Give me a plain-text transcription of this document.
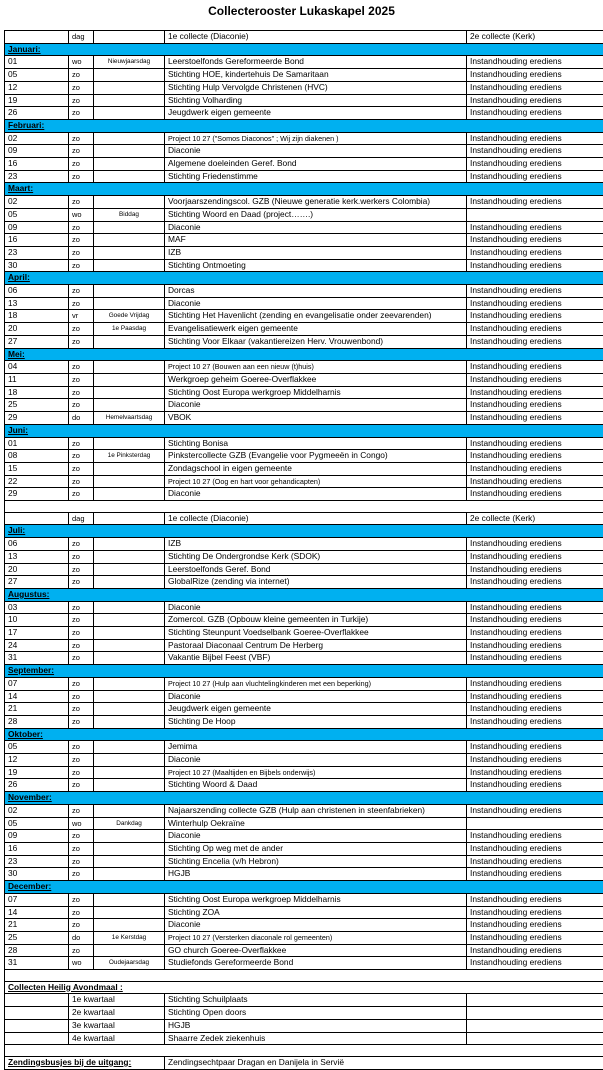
Collecterooster Lukaskapel 2025
	dag		1e collecte (Diaconie)	2e collecte (Kerk)
Januari:				
01	wo	Nieuwjaarsdag	Leerstoelfonds Gereformeerde Bond	Instandhouding erediens
05	zo		Stichting HOE, kindertehuis De Samaritaan	Instandhouding erediens
12	zo		Stichting Hulp Vervolgde Christenen (HVC)	Instandhouding erediens
19	zo		Stichting Volharding	Instandhouding erediens
26	zo		Jeugdwerk eigen gemeente	Instandhouding erediens
Februari:				
02	zo		Project 10 27 ("Somos Diaconos" ; Wij zijn diakenen )	Instandhouding erediens
09	zo		Diaconie	Instandhouding erediens
16	zo		Algemene doeleinden Geref. Bond	Instandhouding erediens
23	zo		Stichting Friedenstimme	Instandhouding erediens
Maart:				
02	zo		Voorjaarszendingscol. GZB (Nieuwe generatie kerk.werkers Colombia)	Instandhouding erediens
05	wo	Biddag	Stichting Woord en Daad (project…….)	
09	zo		Diaconie	Instandhouding erediens
16	zo		MAF	Instandhouding erediens
23	zo		IZB	Instandhouding erediens
30	zo		Stichting Ontmoeting	Instandhouding erediens
April:				
06	zo		Dorcas	Instandhouding erediens
13	zo		Diaconie	Instandhouding erediens
18	vr	Goede Vrijdag	Stichting Het Havenlicht (zending en evangelisatie onder zeevarenden)	Instandhouding erediens
20	zo	1e Paasdag	Evangelisatiewerk eigen gemeente	Instandhouding erediens
27	zo		Stichting Voor Elkaar (vakantiereizen Herv. Vrouwenbond)	Instandhouding erediens
Mei:				
04	zo		Project 10 27 (Bouwen aan een nieuw (t)huis)	Instandhouding erediens
11	zo		Werkgroep geheim Goeree-Overflakkee	Instandhouding erediens
18	zo		Stichting Oost Europa werkgroep Middelharnis	Instandhouding erediens
25	zo		Diaconie	Instandhouding erediens
29	do	Hemelvaartsdag	VBOK	Instandhouding erediens
Juni:				
01	zo		Stichting Bonisa	Instandhouding erediens
08	zo	1e Pinksterdag	Pinkstercollecte GZB (Evangelie voor Pygmeeën in Congo)	Instandhouding erediens
15	zo		Zondagschool in eigen gemeente	Instandhouding erediens
22	zo		Project 10 27 (Oog en hart voor gehandicapten)	Instandhouding erediens
29	zo		Diaconie	Instandhouding erediens

	dag		1e collecte (Diaconie)	2e collecte (Kerk)
Juli:				
06	zo		IZB	Instandhouding erediens
13	zo		Stichting De Ondergrondse Kerk (SDOK)	Instandhouding erediens
20	zo		Leerstoelfonds Geref. Bond	Instandhouding erediens
27	zo		GlobalRize (zending via internet)	Instandhouding erediens
Augustus:				
03	zo		Diaconie	Instandhouding erediens
10	zo		Zomercol. GZB (Opbouw kleine gemeenten in Turkije)	Instandhouding erediens
17	zo		Stichting Steunpunt Voedselbank Goeree-Overflakkee	Instandhouding erediens
24	zo		Pastoraal Diaconaal Centrum De Herberg	Instandhouding erediens
31	zo		Vakantie Bijbel Feest (VBF)	Instandhouding erediens
September:				
07	zo		Project 10 27 (Hulp aan vluchtelingkinderen met een beperking)	Instandhouding erediens
14	zo		Diaconie	Instandhouding erediens
21	zo		Jeugdwerk eigen gemeente	Instandhouding erediens
28	zo		Stichting De Hoop	Instandhouding erediens
Oktober:				
05	zo		Jemima	Instandhouding erediens
12	zo		Diaconie	Instandhouding erediens
19	zo		Project 10 27 (Maaltijden en Bijbels onderwijs)	Instandhouding erediens
26	zo		Stichting Woord & Daad	Instandhouding erediens
November:				
02	zo		Najaarszending collecte GZB (Hulp aan christenen in steenfabrieken)	Instandhouding erediens
05	wo	Dankdag	Winterhulp Oekraïne	
09	zo		Diaconie	Instandhouding erediens
16	zo		Stichting Op weg met de ander	Instandhouding erediens
23	zo		Stichting Encelia (v/h Hebron)	Instandhouding erediens
30	zo		HGJB	Instandhouding erediens
December:				
07	zo		Stichting Oost Europa werkgroep Middelharnis	Instandhouding erediens
14	zo		Stichting ZOA	Instandhouding erediens
21	zo		Diaconie	Instandhouding erediens
25	do	1e Kerstdag	Project 10 27 (Versterken diaconale rol gemeenten)	Instandhouding erediens
28	zo		GO church Goeree-Overflakkee	Instandhouding erediens
31	wo	Oudejaarsdag	Studiefonds Gereformeerde Bond	Instandhouding erediens

Collecten Heilig Avondmaal :				
	1e kwartaal		Stichting Schuilplaats	
	2e kwartaal		Stichting Open doors	
	3e kwartaal		HGJB	
	4e kwartaal		Shaarre Zedek ziekenhuis	

Zendingsbusjes bij de uitgang:			Zendingsechtpaar Dragan en Danijela in Servië	
